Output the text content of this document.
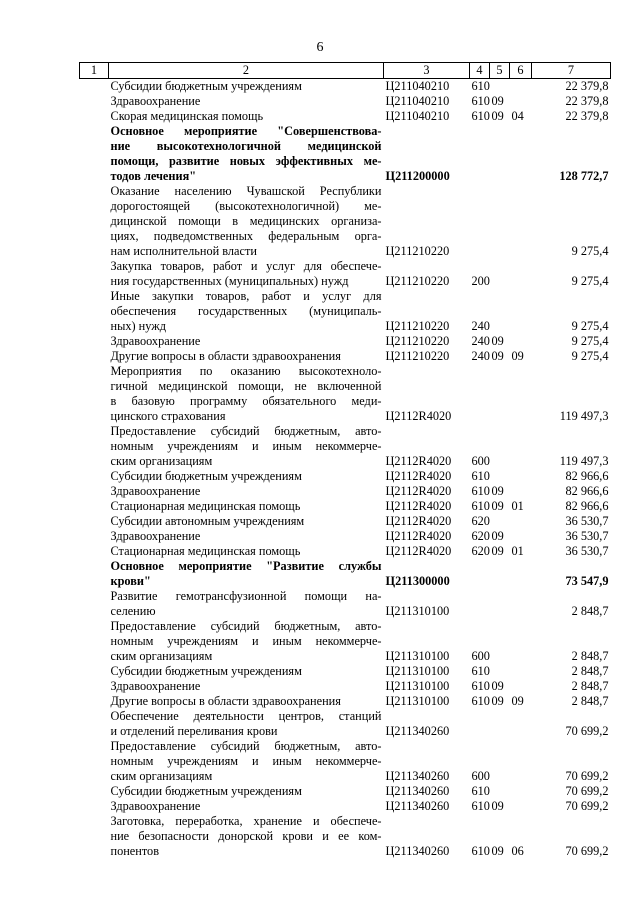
6
1	2	3	4	5	6	7

	Субсидии бюджетным учреждениям	Ц211040210	610			22 379,8

	Здравоохранение	Ц211040210	610	09		22 379,8

	Скорая медицинская помощь	Ц211040210	610	09	04	22 379,8

	Основное мероприятие "Совершенствова-
ние высокотехнологичной медицинской
помощи, развитие новых эффективных ме-
тодов лечения"	Ц211200000				128 772,7

	Оказание населению Чувашской Республики
дорогостоящей (высокотехнологичной) ме-
дицинской помощи в медицинских организа-
циях, подведомственных федеральным орга-
нам исполнительной власти	Ц211210220				9 275,4

	Закупка товаров, работ и услуг для обеспече-
ния государственных (муниципальных) нужд	Ц211210220	200			9 275,4

	Иные закупки товаров, работ и услуг для
обеспечения государственных (муниципаль-
ных) нужд	Ц211210220	240			9 275,4

	Здравоохранение	Ц211210220	240	09		9 275,4

	Другие вопросы в области здравоохранения	Ц211210220	240	09	09	9 275,4

	Мероприятия по оказанию высокотехноло-
гичной медицинской помощи, не включенной
в базовую программу обязательного меди-
цинского страхования	Ц2112R4020				119 497,3

	Предоставление субсидий бюджетным, авто-
номным учреждениям и иным некоммерче-
ским организациям	Ц2112R4020	600			119 497,3

	Субсидии бюджетным учреждениям	Ц2112R4020	610			82 966,6

	Здравоохранение	Ц2112R4020	610	09		82 966,6

	Стационарная медицинская помощь	Ц2112R4020	610	09	01	82 966,6

	Субсидии автономным учреждениям	Ц2112R4020	620			36 530,7

	Здравоохранение	Ц2112R4020	620	09		36 530,7

	Стационарная медицинская помощь	Ц2112R4020	620	09	01	36 530,7

	Основное мероприятие "Развитие службы
крови"	Ц211300000				73 547,9

	Развитие гемотрансфузионной помощи на-
селению	Ц211310100				2 848,7

	Предоставление субсидий бюджетным, авто-
номным учреждениям и иным некоммерче-
ским организациям	Ц211310100	600			2 848,7

	Субсидии бюджетным учреждениям	Ц211310100	610			2 848,7

	Здравоохранение	Ц211310100	610	09		2 848,7

	Другие вопросы в области здравоохранения	Ц211310100	610	09	09	2 848,7

	Обеспечение деятельности центров, станций
и отделений переливания крови	Ц211340260				70 699,2

	Предоставление субсидий бюджетным, авто-
номным учреждениям и иным некоммерче-
ским организациям	Ц211340260	600			70 699,2

	Субсидии бюджетным учреждениям	Ц211340260	610			70 699,2

	Здравоохранение	Ц211340260	610	09		70 699,2

	Заготовка, переработка, хранение и обеспече-
ние безопасности донорской крови и ее ком-
понентов	Ц211340260	610	09	06	70 699,2
